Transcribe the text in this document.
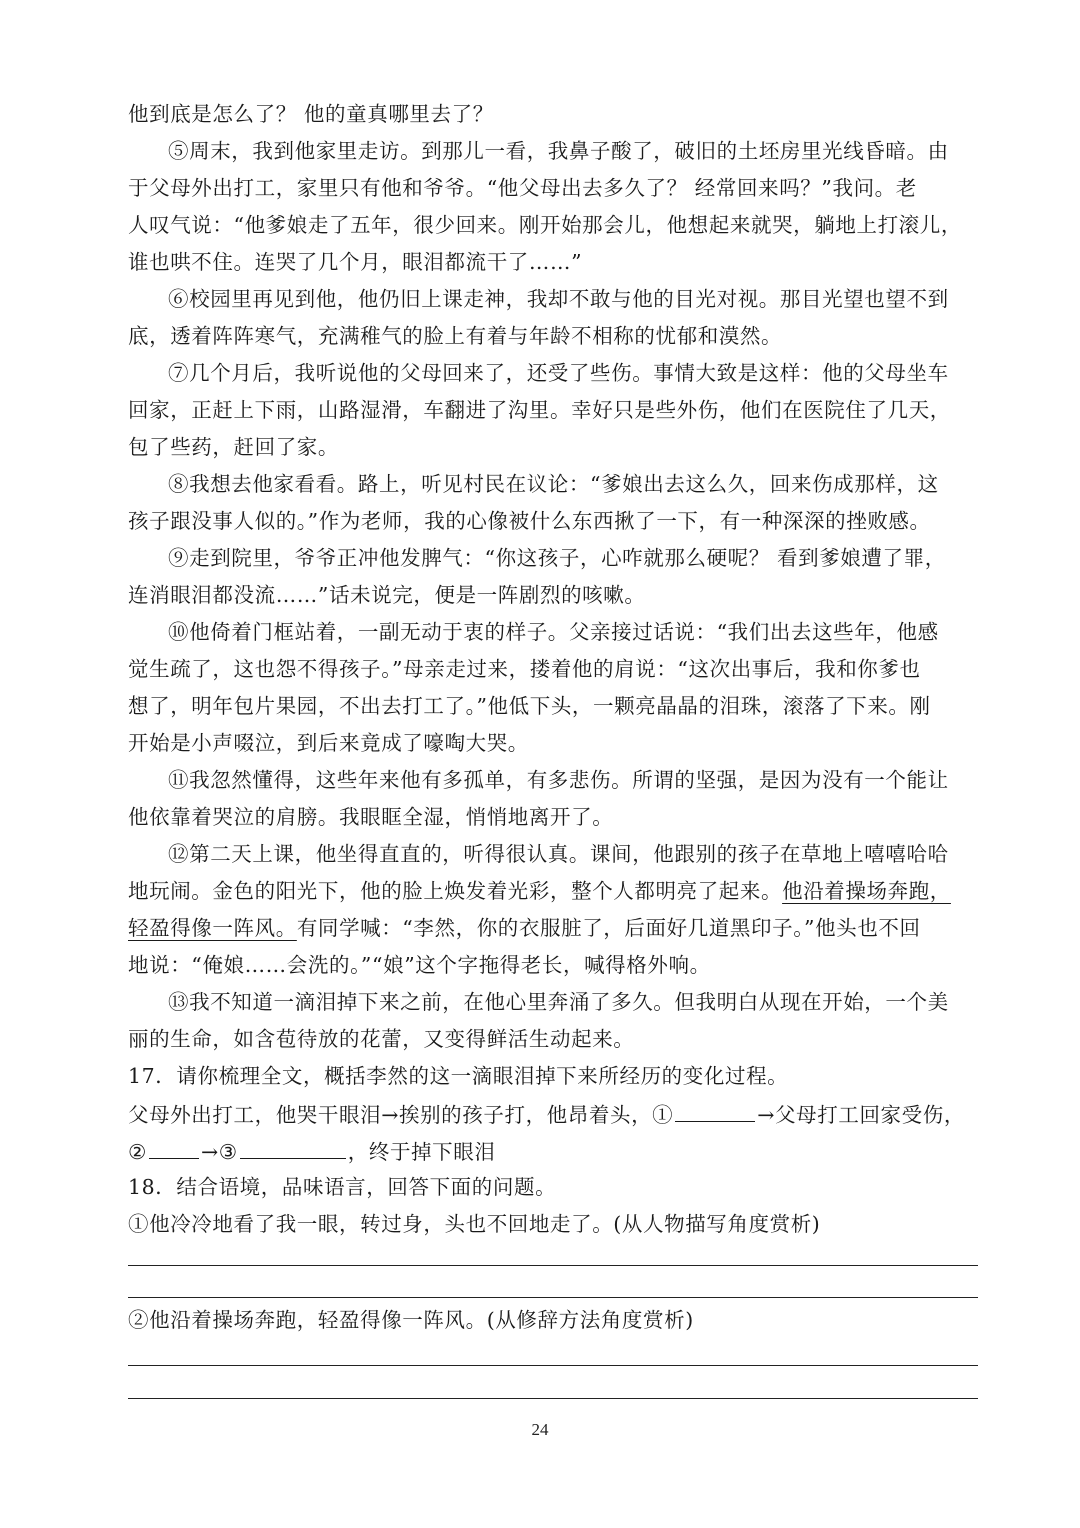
他到底是怎么了？ 他的童真哪里去了？
⑤周末，我到他家里走访。到那儿一看，我鼻子酸了，破旧的土坯房里光线昏暗。由
于父母外出打工，家里只有他和爷爷。“他父母出去多久了？ 经常回来吗？”我问。老
人叹气说：“他爹娘走了五年，很少回来。刚开始那会儿，他想起来就哭，躺地上打滚儿，
谁也哄不住。连哭了几个月，眼泪都流干了……”
⑥校园里再见到他，他仍旧上课走神，我却不敢与他的目光对视。那目光望也望不到
底，透着阵阵寒气，充满稚气的脸上有着与年龄不相称的忧郁和漠然。
⑦几个月后，我听说他的父母回来了，还受了些伤。事情大致是这样：他的父母坐车
回家，正赶上下雨，山路湿滑，车翻进了沟里。幸好只是些外伤，他们在医院住了几天，
包了些药，赶回了家。
⑧我想去他家看看。路上，听见村民在议论：“爹娘出去这么久，回来伤成那样，这
孩子跟没事人似的。”作为老师，我的心像被什么东西揪了一下，有一种深深的挫败感。
⑨走到院里，爷爷正冲他发脾气：“你这孩子，心咋就那么硬呢？ 看到爹娘遭了罪，
连消眼泪都没流……”话未说完，便是一阵剧烈的咳嗽。
⑩他倚着门框站着，一副无动于衷的样子。父亲接过话说：“我们出去这些年，他感
觉生疏了，这也怨不得孩子。”母亲走过来，搂着他的肩说：“这次出事后，我和你爹也
想了，明年包片果园，不出去打工了。”他低下头，一颗亮晶晶的泪珠，滚落了下来。刚
开始是小声啜泣，到后来竟成了嚎啕大哭。
⑪我忽然懂得，这些年来他有多孤单，有多悲伤。所谓的坚强，是因为没有一个能让
他依靠着哭泣的肩膀。我眼眶全湿，悄悄地离开了。
⑫第二天上课，他坐得直直的，听得很认真。课间，他跟别的孩子在草地上嘻嘻哈哈
地玩闹。金色的阳光下，他的脸上焕发着光彩，整个人都明亮了起来。他沿着操场奔跑，
轻盈得像一阵风。有同学喊：“李然，你的衣服脏了，后面好几道黑印子。”他头也不回
地说：“俺娘……会洗的。”“娘”这个字拖得老长，喊得格外响。
⑬我不知道一滴泪掉下来之前，在他心里奔涌了多久。但我明白从现在开始，一个美
丽的生命，如含苞待放的花蕾，又变得鲜活生动起来。
17．请你梳理全文，概括李然的这一滴眼泪掉下来所经历的变化过程。
父母外出打工，他哭干眼泪→挨别的孩子打，他昂着头，①	→父母打工回家受伤，
②	→③	，终于掉下眼泪
18．结合语境，品味语言，回答下面的问题。
①他冷冷地看了我一眼，转过身，头也不回地走了。(从人物描写角度赏析)
②他沿着操场奔跑，轻盈得像一阵风。(从修辞方法角度赏析)
24
